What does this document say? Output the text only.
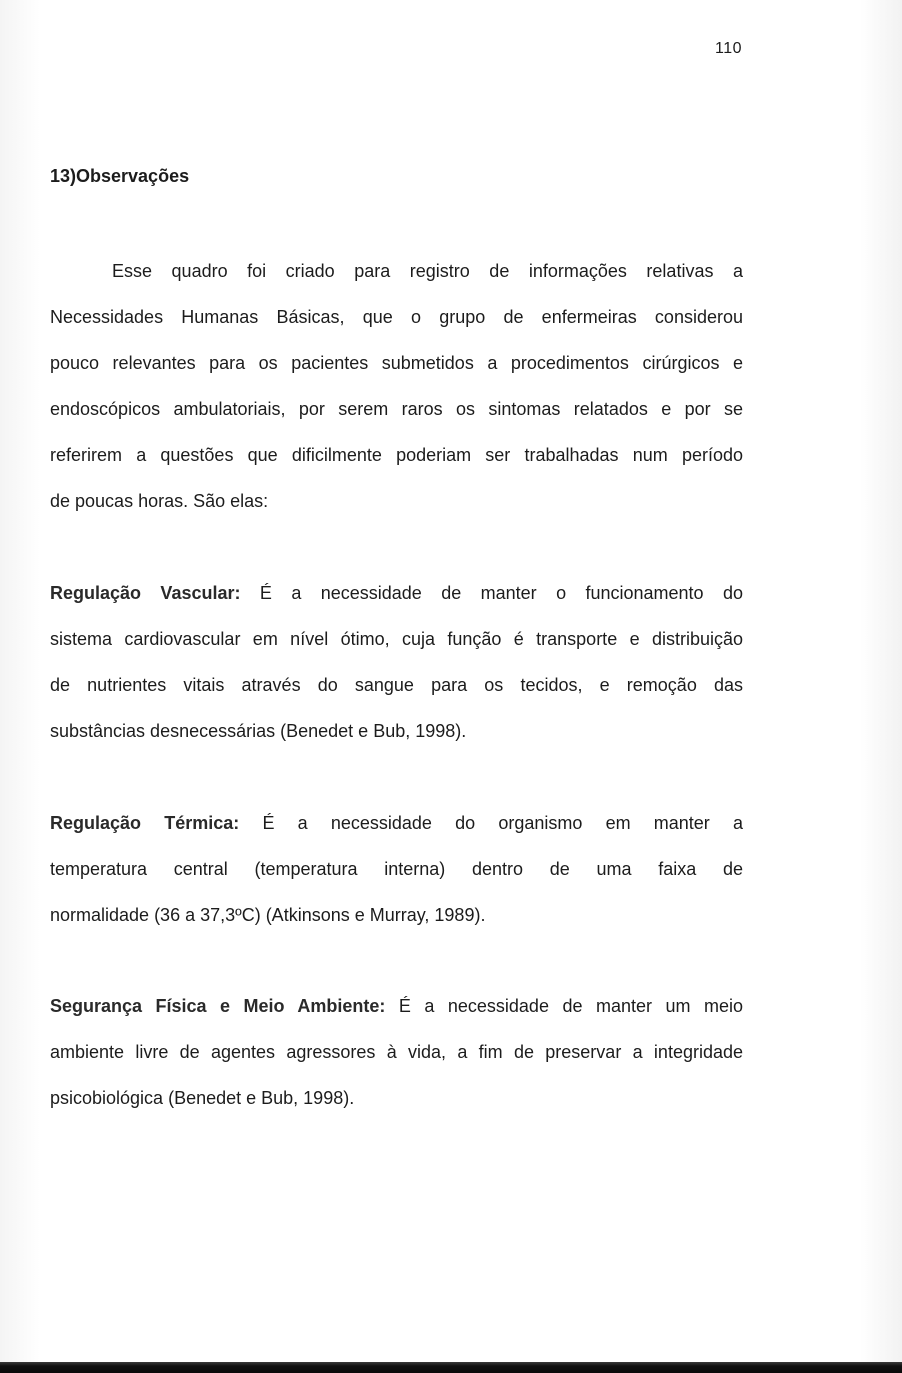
110
13)Observações
Esse quadro foi criado para registro de informações relativas a
Necessidades Humanas Básicas, que o grupo de enfermeiras considerou
pouco relevantes para os pacientes submetidos a procedimentos cirúrgicos e
endoscópicos ambulatoriais, por serem raros os sintomas relatados e por se
referirem a questões que dificilmente poderiam ser trabalhadas num período
de poucas horas. São elas:
Regulação Vascular: É a necessidade de manter o funcionamento do
sistema cardiovascular em nível ótimo, cuja função é transporte e distribuição
de nutrientes vitais através do sangue para os tecidos, e remoção das
substâncias desnecessárias (Benedet e Bub, 1998).
Regulação Térmica: É a necessidade do organismo em manter a
temperatura central (temperatura interna) dentro de uma faixa de
normalidade (36 a 37,3ºC) (Atkinsons e Murray, 1989).
Segurança Física e Meio Ambiente: É a necessidade de manter um meio
ambiente livre de agentes agressores à vida, a fim de preservar a integridade
psicobiológica (Benedet e Bub, 1998).
